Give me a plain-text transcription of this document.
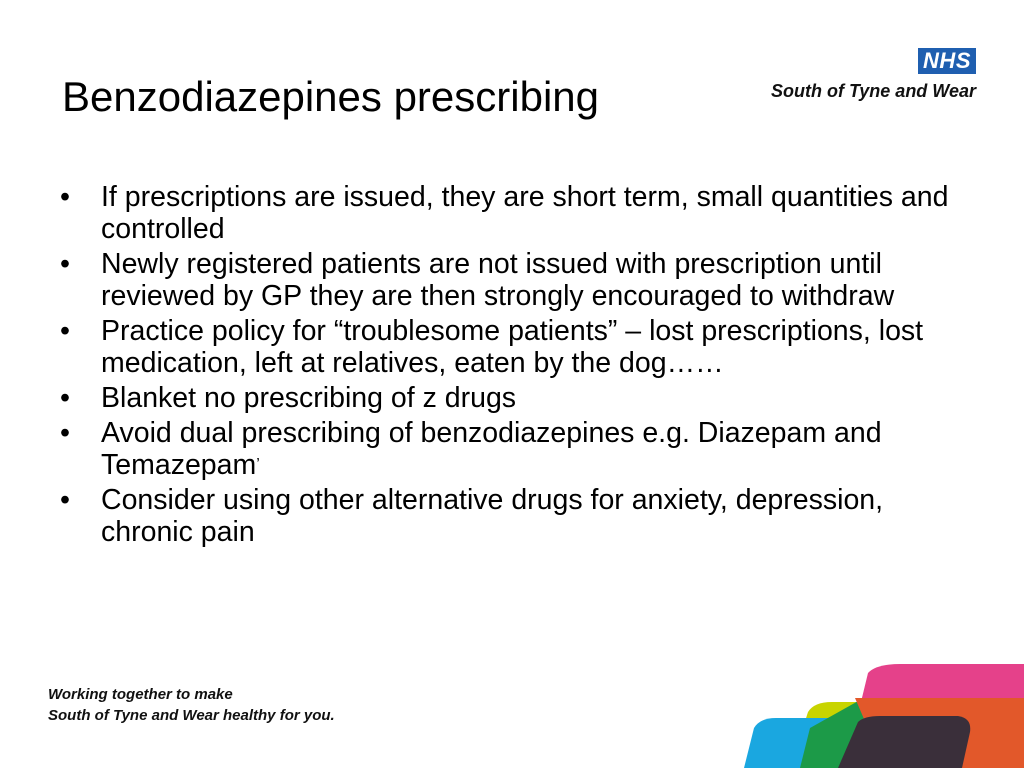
Benzodiazepines prescribing
NHS
South of Tyne and Wear
•	If prescriptions are issued, they are short term, small quantities and controlled
•	Newly registered patients are not issued with prescription until reviewed by GP they are then strongly encouraged to withdraw
•	Practice policy for “troublesome patients” – lost prescriptions, lost medication, left at relatives, eaten by the dog……
•	Blanket no prescribing of z drugs
•	Avoid dual prescribing of benzodiazepines e.g. Diazepam and Temazepam’
•	Consider using other alternative drugs for anxiety, depression, chronic pain

Working together to make
South of Tyne and Wear healthy for you.
